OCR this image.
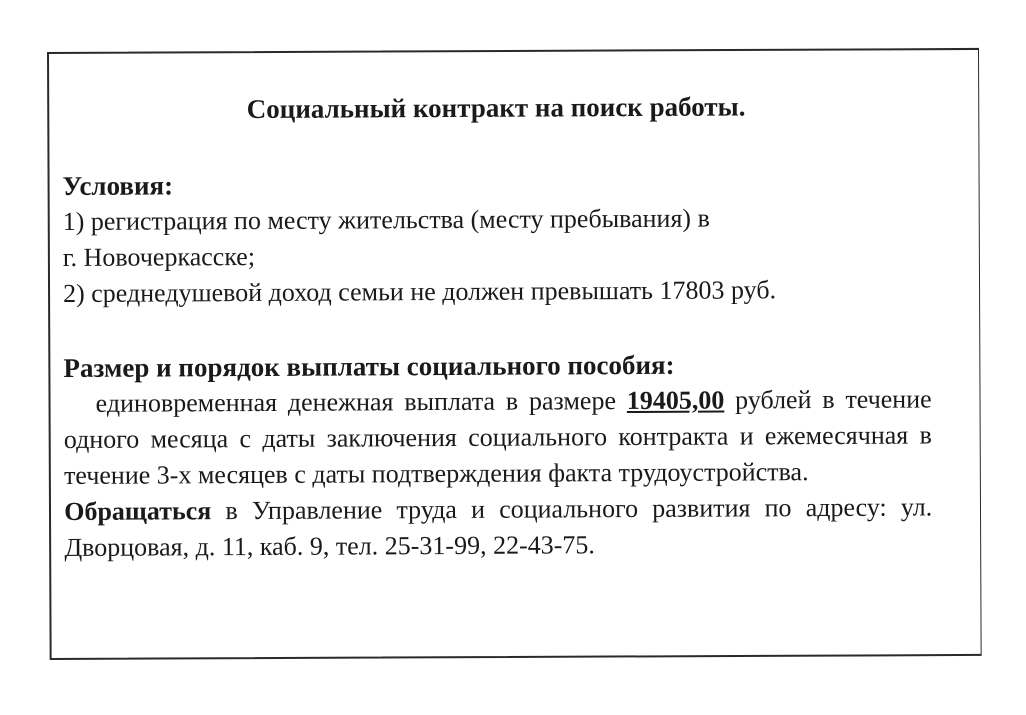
Социальный контракт на поиск работы.

Условия:

1) регистрация по месту жительства (месту пребывания) в

г. Новочеркасске;

2) среднедушевой доход семьи не должен превышать 17803 руб.

Размер и порядок выплаты социального пособия:

единовременная денежная выплата в размере 19405,00 рублей в течение одного месяца с даты заключения социального контракта и ежемесячная в течение 3-х месяцев с даты подтверждения факта трудоустройства.

Обращаться в Управление труда и социального развития по адресу: ул. Дворцовая, д. 11, каб. 9, тел. 25-31-99, 22-43-75.
